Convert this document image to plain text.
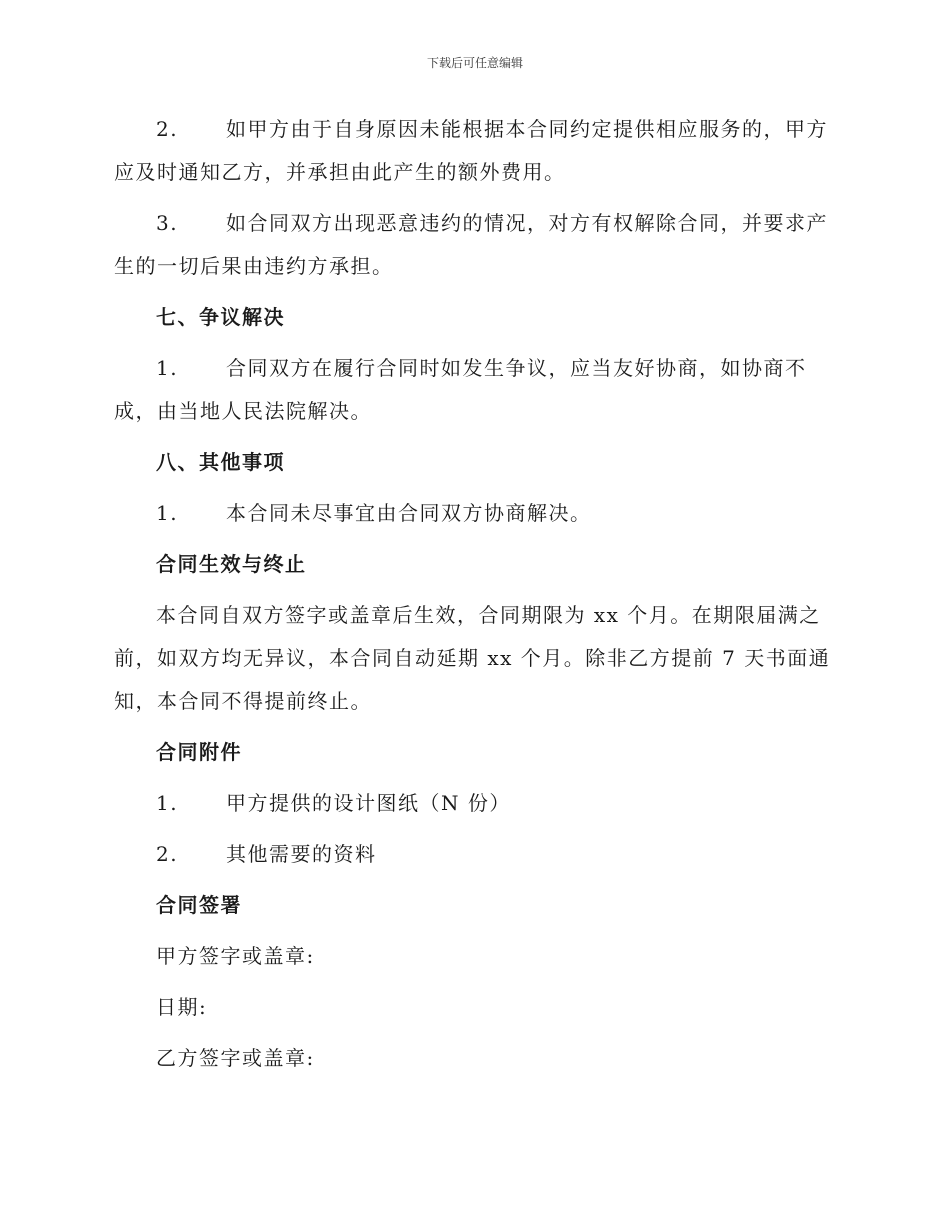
下载后可任意编辑

2. 如甲方由于自身原因未能根据本合同约定提供相应服务的，甲方应及时通知乙方，并承担由此产生的额外费用。

3. 如合同双方出现恶意违约的情况，对方有权解除合同，并要求产生的一切后果由违约方承担。

七、争议解决

1. 合同双方在履行合同时如发生争议，应当友好协商，如协商不成，由当地人民法院解决。

八、其他事项

1. 本合同未尽事宜由合同双方协商解决。

合同生效与终止

本合同自双方签字或盖章后生效，合同期限为 xx 个月。在期限届满之前，如双方均无异议，本合同自动延期 xx 个月。除非乙方提前 7 天书面通知，本合同不得提前终止。

合同附件

1. 甲方提供的设计图纸（N 份）

2. 其他需要的资料

合同签署

甲方签字或盖章:

日期:

乙方签字或盖章:
